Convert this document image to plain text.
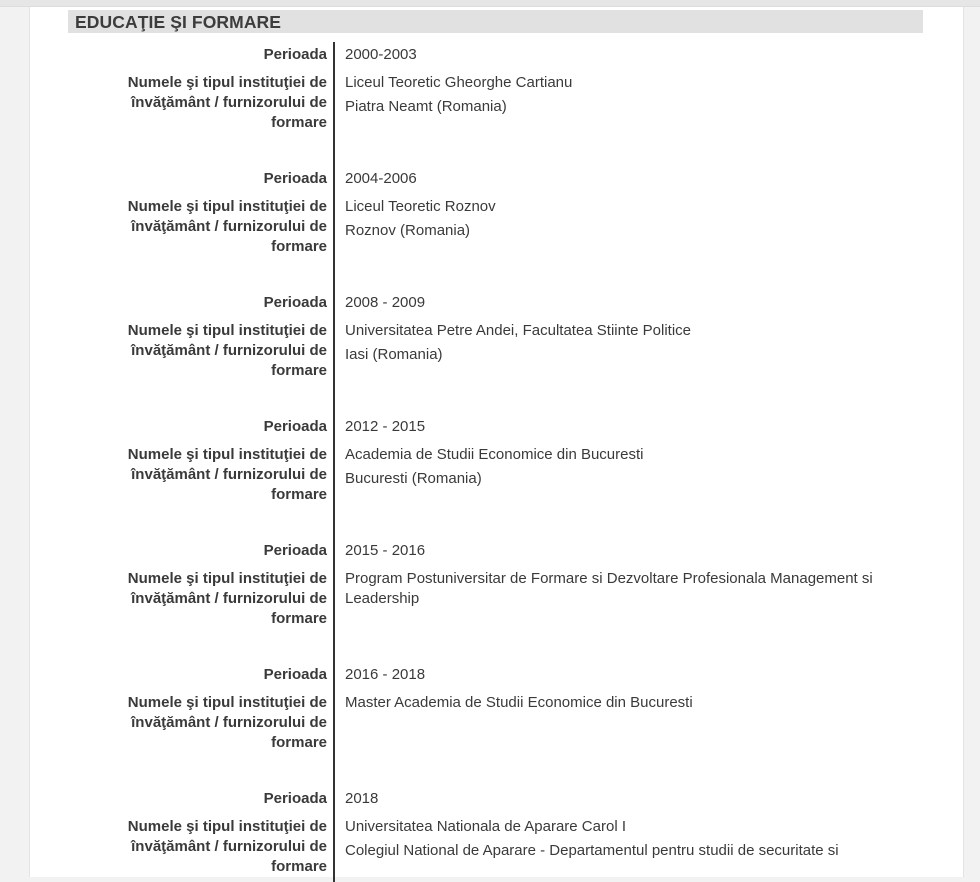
EDUCAŢIE ŞI FORMARE
Perioada 2000-2003
Numele şi tipul instituţiei de învăţământ / furnizorului de formare
Liceul Teoretic Gheorghe Cartianu
Piatra Neamt (Romania)
Perioada 2004-2006
Numele şi tipul instituţiei de învăţământ / furnizorului de formare
Liceul Teoretic Roznov
Roznov (Romania)
Perioada 2008 - 2009
Numele şi tipul instituţiei de învăţământ / furnizorului de formare
Universitatea Petre Andei, Facultatea Stiinte Politice
Iasi (Romania)
Perioada 2012 - 2015
Numele şi tipul instituţiei de învăţământ / furnizorului de formare
Academia de Studii Economice din Bucuresti
Bucuresti (Romania)
Perioada 2015 - 2016
Numele şi tipul instituţiei de învăţământ / furnizorului de formare
Program Postuniversitar de Formare si Dezvoltare Profesionala Management si Leadership
Perioada 2016 - 2018
Numele şi tipul instituţiei de învăţământ / furnizorului de formare
Master Academia de Studii Economice din Bucuresti
Perioada 2018
Numele şi tipul instituţiei de învăţământ / furnizorului de formare
Universitatea Nationala de Aparare Carol I
Colegiul National de Aparare - Departamentul pentru studii de securitate si
